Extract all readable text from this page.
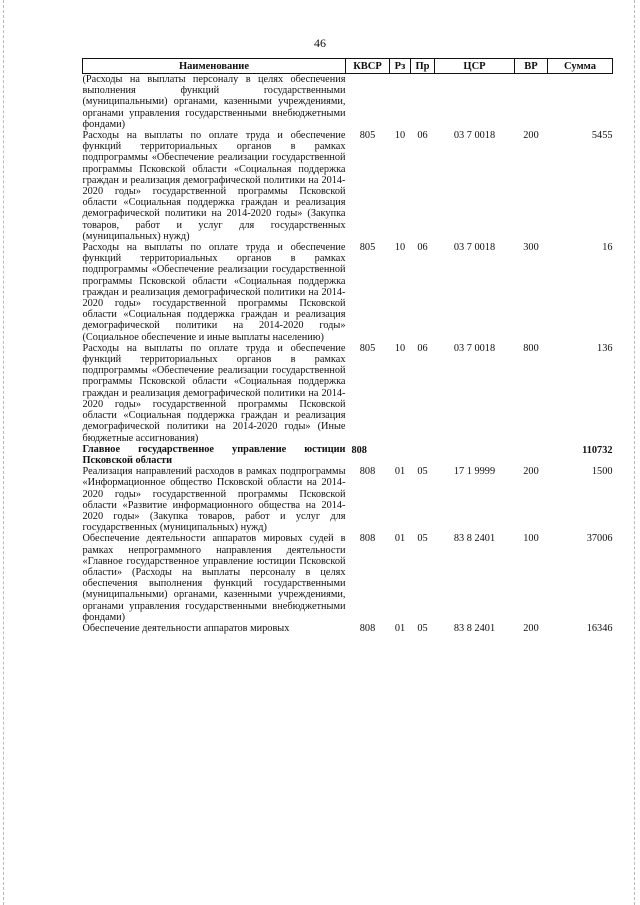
46
Наименование	КВСР	Рз	Пр	ЦСР	ВР	Сумма
(Расходы на выплаты персоналу в целях обеспечения выполнения функций государственными (муниципальными) органами, казенными учреждениями, органами управления государственными внебюджетными фондами)						
Расходы на выплаты по оплате труда и обеспечение функций территориальных органов в рамках подпрограммы «Обеспечение реализации государственной программы Псковской области «Социальная поддержка граждан и реализация демографической политики на 2014-2020 годы» государственной программы Псковской области «Социальная поддержка граждан и реализация демографической политики на 2014-2020 годы» (Закупка товаров, работ и услуг для государственных (муниципальных) нужд)	805	10	06	03 7 0018	200	5455
Расходы на выплаты по оплате труда и обеспечение функций территориальных органов в рамках подпрограммы «Обеспечение реализации государственной программы Псковской области «Социальная поддержка граждан и реализация демографической политики на 2014-2020 годы» государственной программы Псковской области «Социальная поддержка граждан и реализация демографической политики на 2014-2020 годы» (Социальное обеспечение и иные выплаты населению)	805	10	06	03 7 0018	300	16
Расходы на выплаты по оплате труда и обеспечение функций территориальных органов в рамках подпрограммы «Обеспечение реализации государственной программы Псковской области «Социальная поддержка граждан и реализация демографической политики на 2014-2020 годы» государственной программы Псковской области «Социальная поддержка граждан и реализация демографической политики на 2014-2020 годы» (Иные бюджетные ассигнования)	805	10	06	03 7 0018	800	136
Главное государственное управление юстиции Псковской области	808					110732
Реализация направлений расходов в рамках подпрограммы «Информационное общество Псковской области на 2014-2020 годы» государственной программы Псковской области «Развитие информационного общества на 2014-2020 годы» (Закупка товаров, работ и услуг для государственных (муниципальных) нужд)	808	01	05	17 1 9999	200	1500
Обеспечение деятельности аппаратов мировых судей в рамках непрограммного направления деятельности «Главное государственное управление юстиции Псковской области» (Расходы на выплаты персоналу в целях обеспечения выполнения функций государственными (муниципальными) органами, казенными учреждениями, органами управления государственными внебюджетными фондами)	808	01	05	83 8 2401	100	37006
Обеспечение деятельности аппаратов мировых	808	01	05	83 8 2401	200	16346
